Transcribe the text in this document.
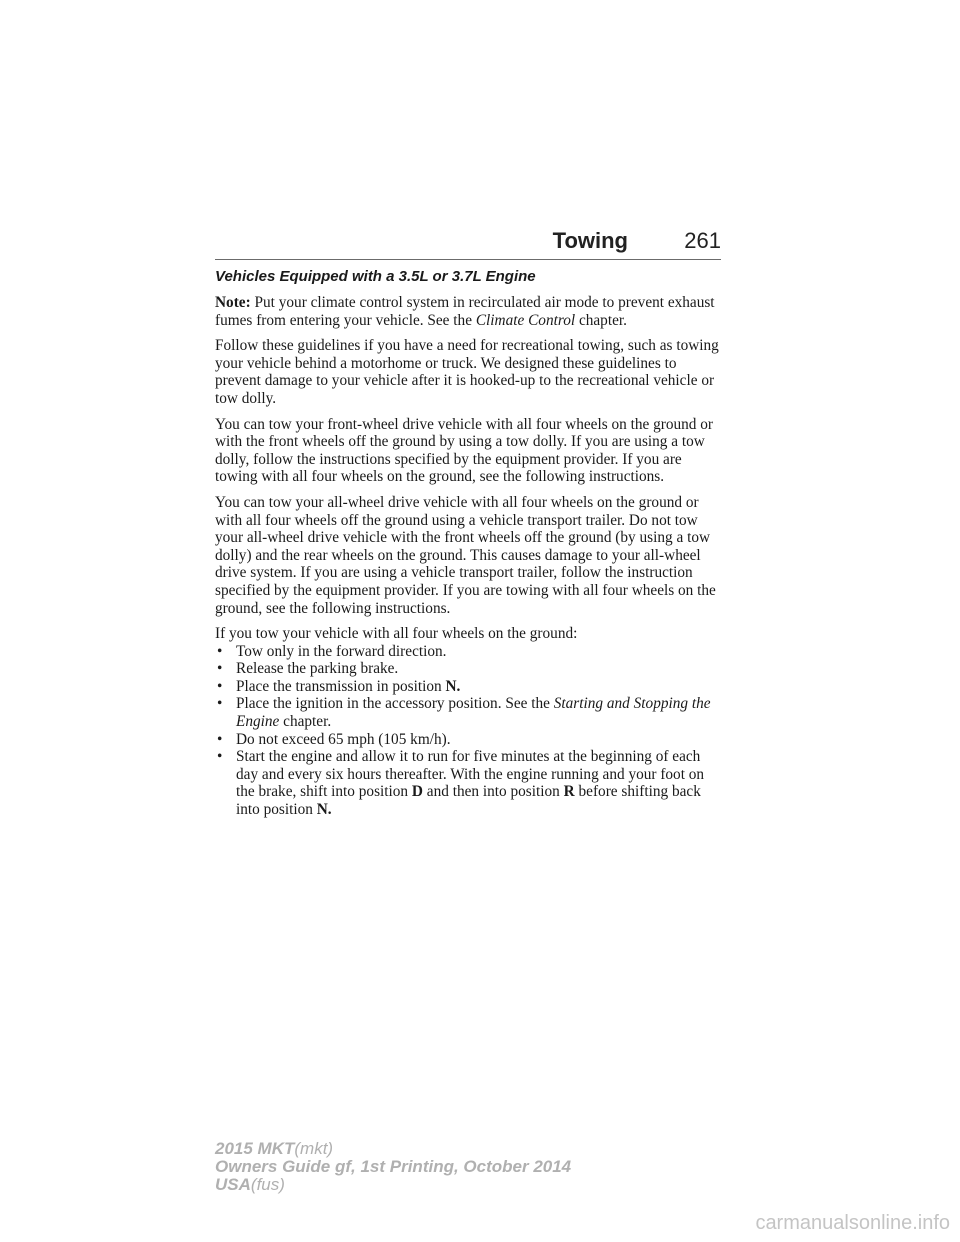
Towing	261
Vehicles Equipped with a 3.5L or 3.7L Engine

Note: Put your climate control system in recirculated air mode to prevent exhaust fumes from entering your vehicle. See the Climate Control chapter.

Follow these guidelines if you have a need for recreational towing, such as towing your vehicle behind a motorhome or truck. We designed these guidelines to prevent damage to your vehicle after it is hooked-up to the recreational vehicle or tow dolly.

You can tow your front-wheel drive vehicle with all four wheels on the ground or with the front wheels off the ground by using a tow dolly. If you are using a tow dolly, follow the instructions specified by the equipment provider. If you are towing with all four wheels on the ground, see the following instructions.

You can tow your all-wheel drive vehicle with all four wheels on the ground or with all four wheels off the ground using a vehicle transport trailer. Do not tow your all-wheel drive vehicle with the front wheels off the ground (by using a tow dolly) and the rear wheels on the ground. This causes damage to your all-wheel drive system. If you are using a vehicle transport trailer, follow the instruction specified by the equipment provider. If you are towing with all four wheels on the ground, see the following instructions.

If you tow your vehicle with all four wheels on the ground:

• Tow only in the forward direction.
• Release the parking brake.
• Place the transmission in position N.
• Place the ignition in the accessory position. See the Starting and Stopping the Engine chapter.
• Do not exceed 65 mph (105 km/h).
• Start the engine and allow it to run for five minutes at the beginning of each day and every six hours thereafter. With the engine running and your foot on the brake, shift into position D and then into position R before shifting back into position N.
2015 MKT(mkt)
Owners Guide gf, 1st Printing, October 2014
USA(fus)
carmanualsonline.info
